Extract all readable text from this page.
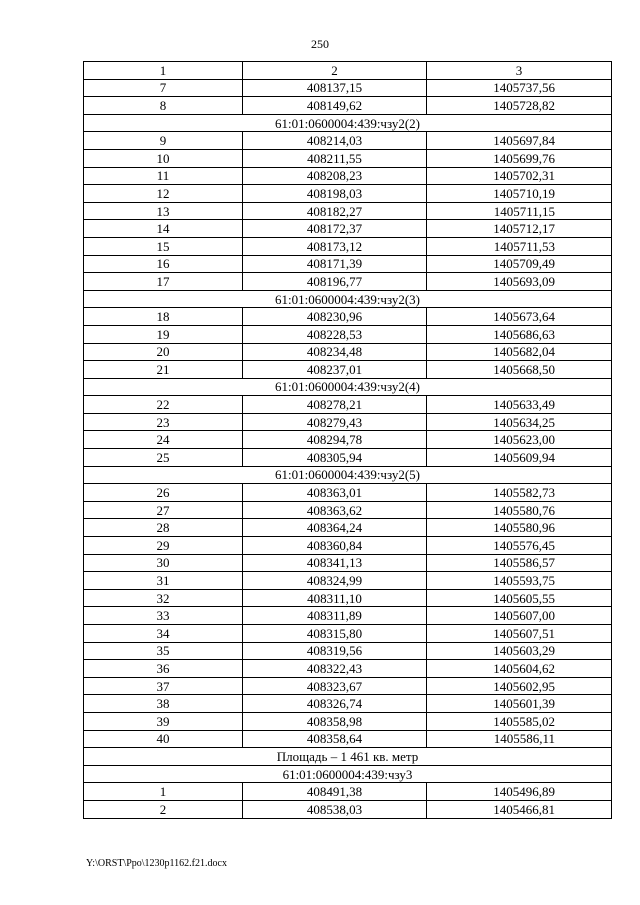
250
1	2	3
7	408137,15	1405737,56
8	408149,62	1405728,82
61:01:0600004:439:чзу2(2)		
9	408214,03	1405697,84
10	408211,55	1405699,76
11	408208,23	1405702,31
12	408198,03	1405710,19
13	408182,27	1405711,15
14	408172,37	1405712,17
15	408173,12	1405711,53
16	408171,39	1405709,49
17	408196,77	1405693,09
61:01:0600004:439:чзу2(3)		
18	408230,96	1405673,64
19	408228,53	1405686,63
20	408234,48	1405682,04
21	408237,01	1405668,50
61:01:0600004:439:чзу2(4)		
22	408278,21	1405633,49
23	408279,43	1405634,25
24	408294,78	1405623,00
25	408305,94	1405609,94
61:01:0600004:439:чзу2(5)		
26	408363,01	1405582,73
27	408363,62	1405580,76
28	408364,24	1405580,96
29	408360,84	1405576,45
30	408341,13	1405586,57
31	408324,99	1405593,75
32	408311,10	1405605,55
33	408311,89	1405607,00
34	408315,80	1405607,51
35	408319,56	1405603,29
36	408322,43	1405604,62
37	408323,67	1405602,95
38	408326,74	1405601,39
39	408358,98	1405585,02
40	408358,64	1405586,11
Площадь – 1 461 кв. метр		
61:01:0600004:439:чзу3		
1	408491,38	1405496,89
2	408538,03	1405466,81
Y:\ORST\Ppo\1230p1162.f21.docx
